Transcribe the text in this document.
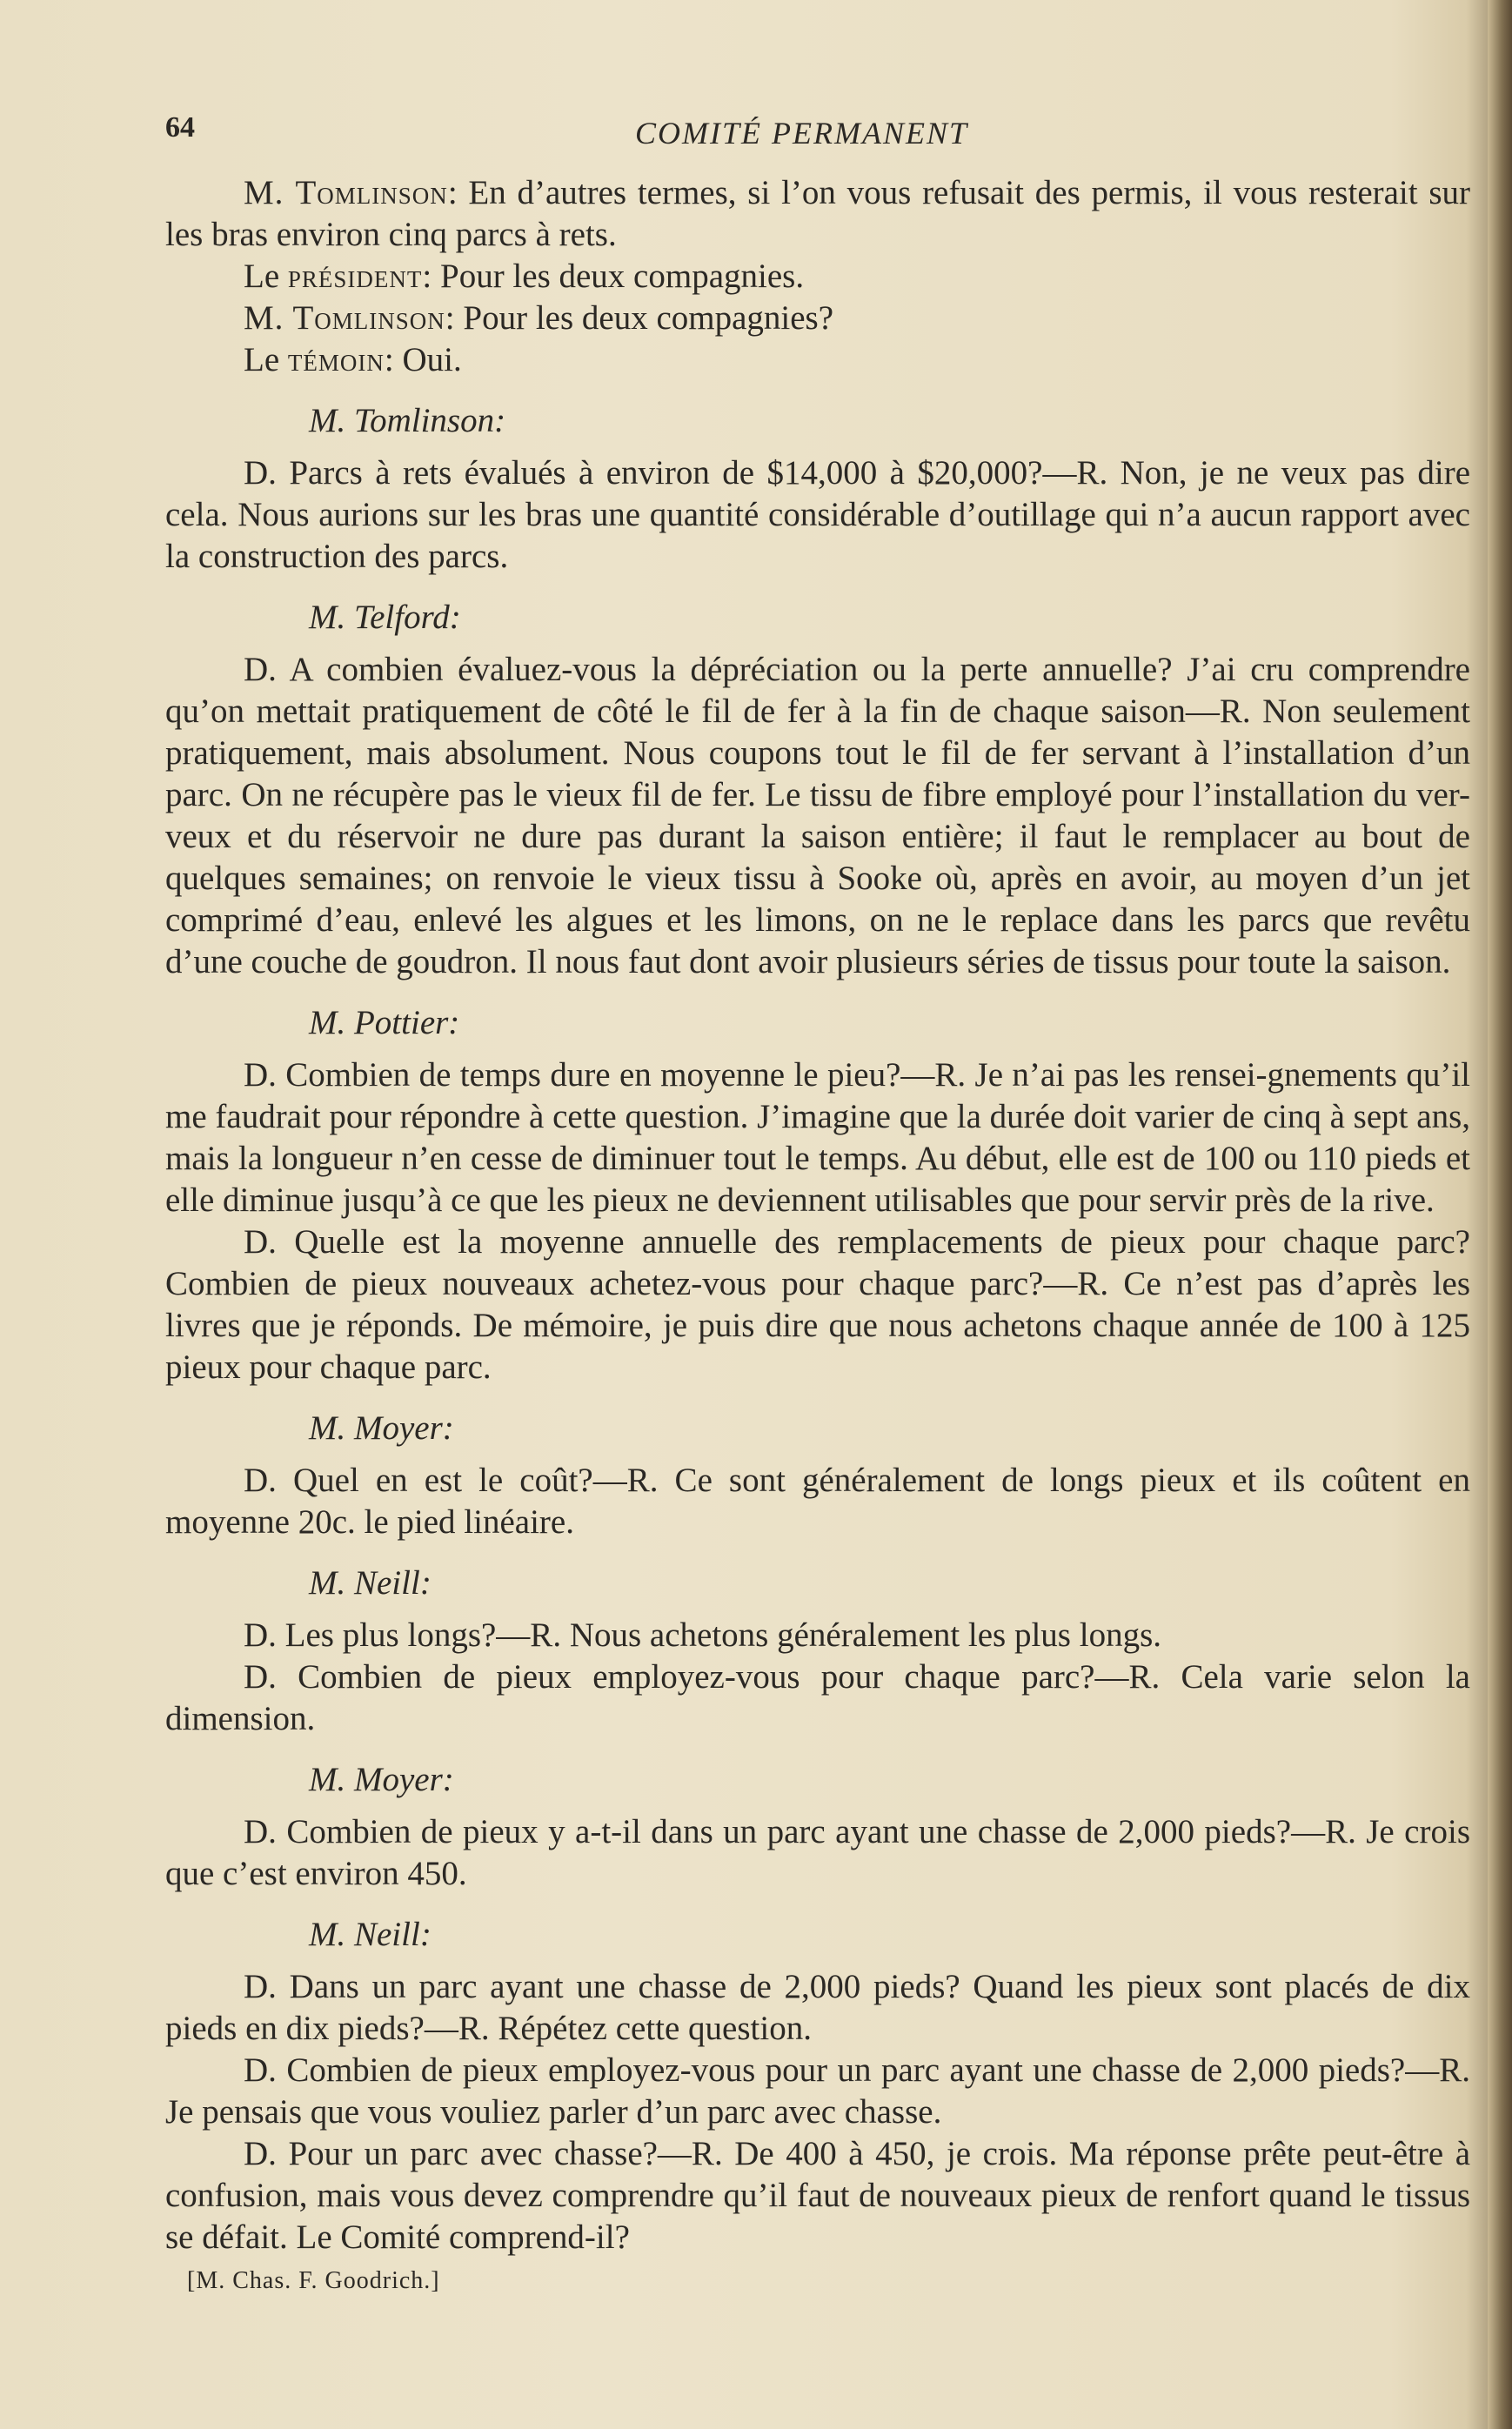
64	COMITÉ PERMANENT

M. Tomlinson: En d’autres termes, si l’on vous refusait des permis, il vous resterait sur les bras environ cinq parcs à rets.

Le président: Pour les deux compagnies.

M. Tomlinson: Pour les deux compagnies?

Le témoin: Oui.

M. Tomlinson:

D. Parcs à rets évalués à environ de $14,000 à $20,000?—R. Non, je ne veux pas dire cela. Nous aurions sur les bras une quantité considérable d’outillage qui n’a aucun rapport avec la construction des parcs.

M. Telford:

D. A combien évaluez-vous la dépréciation ou la perte annuelle? J’ai cru comprendre qu’on mettait pratiquement de côté le fil de fer à la fin de chaque saison—R. Non seulement pratiquement, mais absolument. Nous coupons tout le fil de fer servant à l’installation d’un parc. On ne récupère pas le vieux fil de fer. Le tissu de fibre employé pour l’installation du ver-veux et du réservoir ne dure pas durant la saison entière; il faut le remplacer au bout de quelques semaines; on renvoie le vieux tissu à Sooke où, après en avoir, au moyen d’un jet comprimé d’eau, enlevé les algues et les limons, on ne le replace dans les parcs que revêtu d’une couche de goudron. Il nous faut dont avoir plusieurs séries de tissus pour toute la saison.

M. Pottier:

D. Combien de temps dure en moyenne le pieu?—R. Je n’ai pas les rensei-gnements qu’il me faudrait pour répondre à cette question. J’imagine que la durée doit varier de cinq à sept ans, mais la longueur n’en cesse de diminuer tout le temps. Au début, elle est de 100 ou 110 pieds et elle diminue jusqu’à ce que les pieux ne deviennent utilisables que pour servir près de la rive.

D. Quelle est la moyenne annuelle des remplacements de pieux pour chaque parc? Combien de pieux nouveaux achetez-vous pour chaque parc?—R. Ce n’est pas d’après les livres que je réponds. De mémoire, je puis dire que nous achetons chaque année de 100 à 125 pieux pour chaque parc.

M. Moyer:

D. Quel en est le coût?—R. Ce sont généralement de longs pieux et ils coûtent en moyenne 20c. le pied linéaire.

M. Neill:

D. Les plus longs?—R. Nous achetons généralement les plus longs.

D. Combien de pieux employez-vous pour chaque parc?—R. Cela varie selon la dimension.

M. Moyer:

D. Combien de pieux y a-t-il dans un parc ayant une chasse de 2,000 pieds?—R. Je crois que c’est environ 450.

M. Neill:

D. Dans un parc ayant une chasse de 2,000 pieds? Quand les pieux sont placés de dix pieds en dix pieds?—R. Répétez cette question.

D. Combien de pieux employez-vous pour un parc ayant une chasse de 2,000 pieds?—R. Je pensais que vous vouliez parler d’un parc avec chasse.

D. Pour un parc avec chasse?—R. De 400 à 450, je crois. Ma réponse prête peut-être à confusion, mais vous devez comprendre qu’il faut de nouveaux pieux de renfort quand le tissus se défait. Le Comité comprend-il?

[M. Chas. F. Goodrich.]
